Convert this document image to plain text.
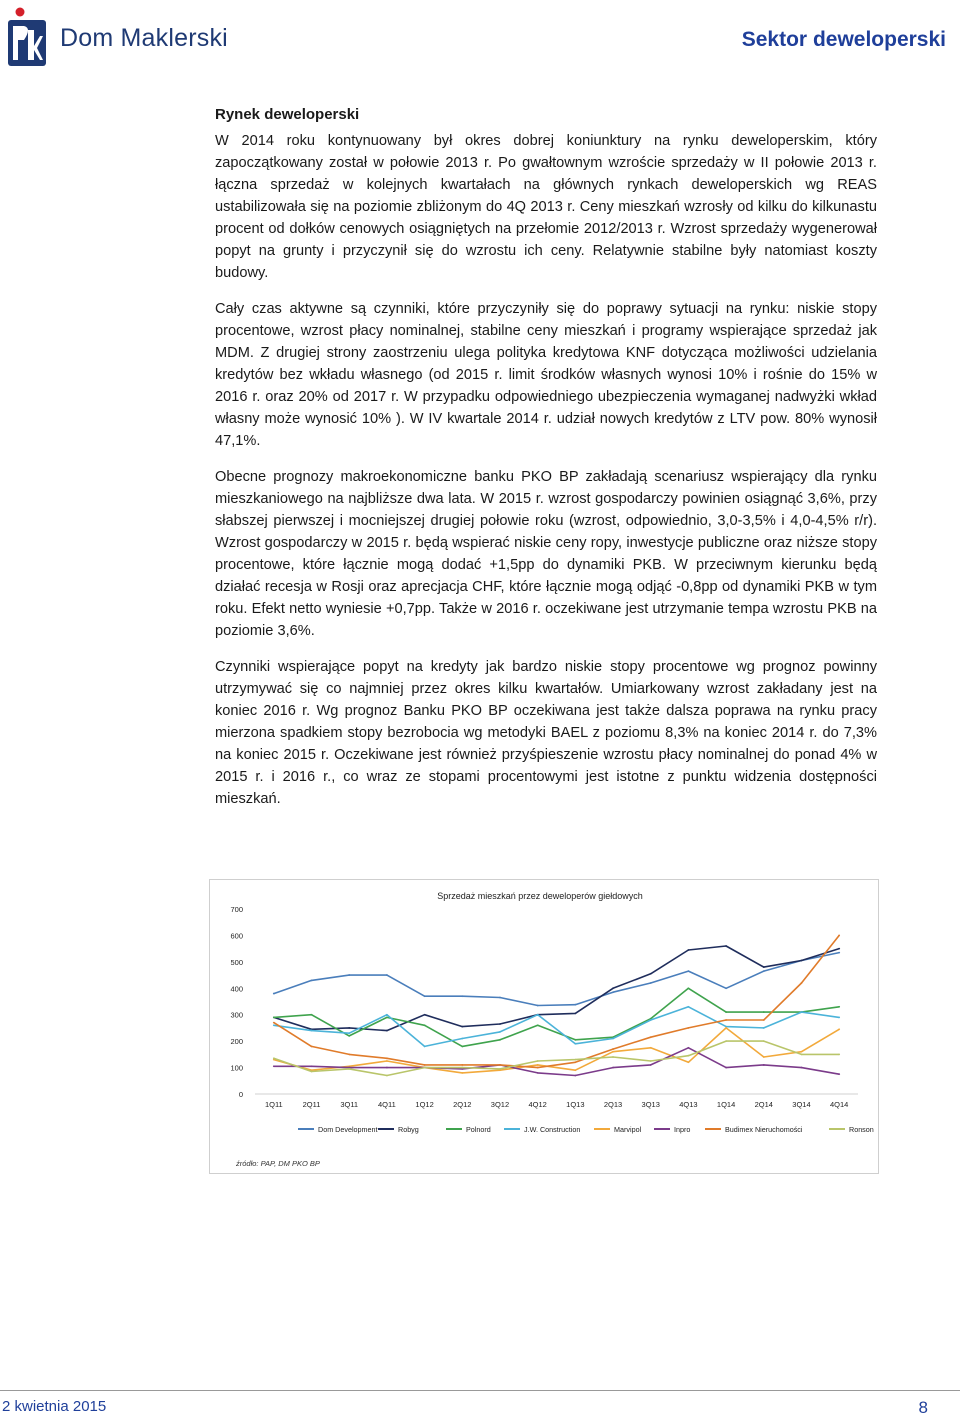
Dom Maklerski	Sektor deweloperski
Rynek deweloperski

W 2014 roku kontynuowany był okres dobrej koniunktury na rynku deweloperskim, który zapoczątkowany został w połowie 2013 r. Po gwałtownym wzroście sprzedaży w II połowie 2013 r. łączna sprzedaż w kolejnych kwartałach na głównych rynkach deweloperskich wg REAS ustabilizowała się na poziomie zbliżonym do 4Q 2013 r. Ceny mieszkań wzrosły od kilku do kilkunastu procent od dołków cenowych osiągniętych na przełomie 2012/2013 r. Wzrost sprzedaży wygenerował popyt na grunty i przyczynił się do wzrostu ich ceny. Relatywnie stabilne były natomiast koszty budowy.

Cały czas aktywne są czynniki, które przyczyniły się do poprawy sytuacji na rynku: niskie stopy procentowe, wzrost płacy nominalnej, stabilne ceny mieszkań i programy wspierające sprzedaż jak MDM. Z drugiej strony zaostrzeniu ulega polityka kredytowa KNF dotycząca możliwości udzielania kredytów bez wkładu własnego (od 2015 r. limit środków własnych wynosi 10% i rośnie do 15% w 2016 r. oraz 20% od 2017 r. W przypadku odpowiedniego ubezpieczenia wymaganej nadwyżki wkład własny może wynosić 10% ). W IV kwartale 2014 r. udział nowych kredytów z LTV pow. 80% wynosił 47,1%.

Obecne prognozy makroekonomiczne banku PKO BP zakładają scenariusz wspierający dla rynku mieszkaniowego na najbliższe dwa lata. W 2015 r. wzrost gospodarczy powinien osiągnąć 3,6%, przy słabszej pierwszej i mocniejszej drugiej połowie roku (wzrost, odpowiednio, 3,0-3,5% i 4,0-4,5% r/r). Wzrost gospodarczy w 2015 r. będą wspierać niskie ceny ropy, inwestycje publiczne oraz niższe stopy procentowe, które łącznie mogą dodać +1,5pp do dynamiki PKB. W przeciwnym kierunku będą działać recesja w Rosji oraz aprecjacja CHF, które łącznie mogą odjąć -0,8pp od dynamiki PKB w tym roku. Efekt netto wyniesie +0,7pp. Także w 2016 r. oczekiwane jest utrzymanie tempa wzrostu PKB na poziomie 3,6%.

Czynniki wspierające popyt na kredyty jak bardzo niskie stopy procentowe wg prognoz powinny utrzymywać się co najmniej przez okres kilku kwartałów. Umiarkowany wzrost zakładany jest na koniec 2016 r. Wg prognoz Banku PKO BP oczekiwana jest także dalsza poprawa na rynku pracy mierzona spadkiem stopy bezrobocia wg metodyki BAEL z poziomu 8,3% na koniec 2014 r. do 7,3% na koniec 2015 r. Oczekiwane jest również przyśpieszenie wzrostu płacy nominalnej do ponad 4% w 2015 r. i 2016 r., co wraz ze stopami procentowymi jest istotne z punktu widzenia dostępności mieszkań.

Sprzedaż mieszkań przez deweloperów giełdowych
0
100
200
300
400
500
600
700
1Q11	2Q11	3Q11	4Q11	1Q12	2Q12	3Q12	4Q12	1Q13	2Q13	3Q13	4Q13	1Q14	2Q14	3Q14	4Q14
Dom Development	Robyg	Polnord	J.W. Construction	Marvipol	Inpro	Budimex Nieruchomości	Ronson
źródło: PAP, DM PKO BP
2 kwietnia 2015	8
